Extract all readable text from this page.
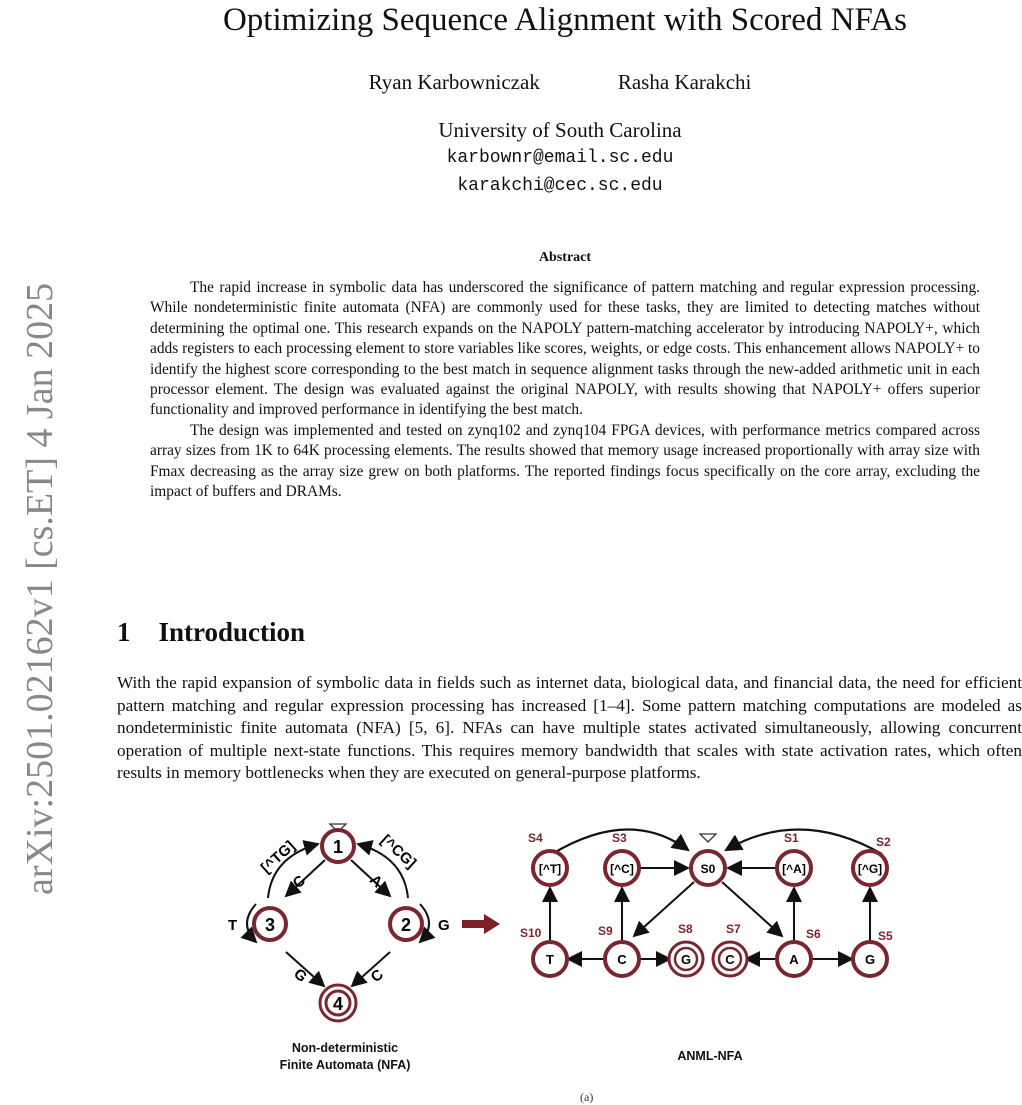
arXiv:2501.02162v1 [cs.ET] 4 Jan 2025
Optimizing Sequence Alignment with Scored NFAs
Ryan Karbowniczak	Rasha Karakchi
University of South Carolina
karbownr@email.sc.edu
karakchi@cec.sc.edu
Abstract

The rapid increase in symbolic data has underscored the significance of pattern matching and regular expression processing. While nondeterministic finite automata (NFA) are commonly used for these tasks, they are limited to detecting matches without determining the optimal one. This research expands on the NAPOLY pattern-matching accelerator by introducing NAPOLY+, which adds registers to each processing element to store variables like scores, weights, or edge costs. This enhancement allows NAPOLY+ to identify the highest score corresponding to the best match in sequence alignment tasks through the new-added arithmetic unit in each processor element. The design was evaluated against the original NAPOLY, with results showing that NAPOLY+ offers superior functionality and improved performance in identifying the best match.

The design was implemented and tested on zynq102 and zynq104 FPGA devices, with performance metrics compared across array sizes from 1K to 64K processing elements. The results showed that memory usage increased proportionally with array size with Fmax decreasing as the array size grew on both platforms. The reported findings focus specifically on the core array, excluding the impact of buffers and DRAMs.

1 Introduction

With the rapid expansion of symbolic data in fields such as internet data, biological data, and financial data, the need for efficient pattern matching and regular expression processing has increased [1–4]. Some pattern matching computations are modeled as nondeterministic finite automata (NFA) [5, 6]. NFAs can have multiple states activated simultaneously, allowing concurrent operation of multiple next-state functions. This requires memory bandwidth that scales with state activation rates, which often results in memory bottlenecks when they are executed on general-purpose platforms.

1
3	2
4
[^TG]	[^CG]
C	A
T	G
G	C
[^T]
S4
[^C]
S3
S0	[^A]
S1
[^G]
S2
T
S10
C
S9
G
S8
C
S7
A
S6
G
S5
Non-deterministic
Finite Automata (NFA)
ANML-NFA
(a)
